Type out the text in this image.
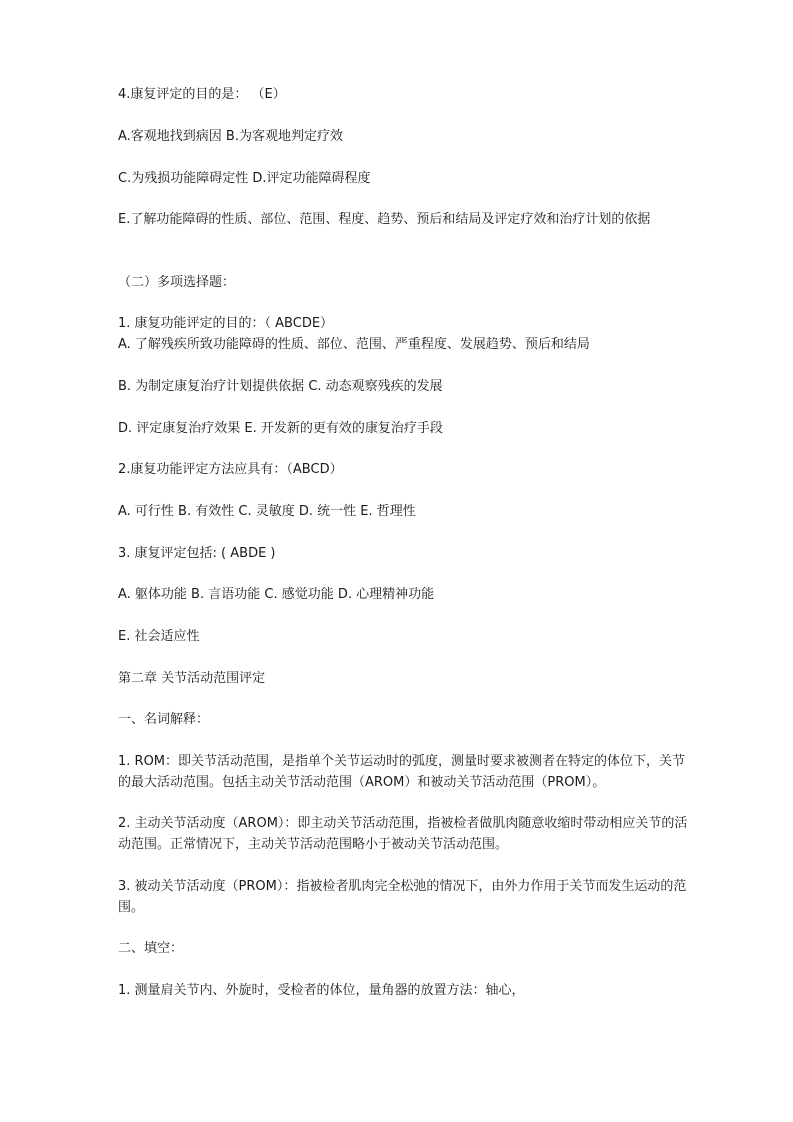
4.康复评定的目的是： （E）
A.客观地找到病因 B.为客观地判定疗效
C.为残损功能障碍定性 D.评定功能障碍程度
E.了解功能障碍的性质、部位、范围、程度、趋势、预后和结局及评定疗效和治疗计划的依据
（二）多项选择题：
1. 康复功能评定的目的：（ ABCDE）
A. 了解残疾所致功能障碍的性质、部位、范围、严重程度、发展趋势、预后和结局
B. 为制定康复治疗计划提供依据 C. 动态观察残疾的发展
D. 评定康复治疗效果 E. 开发新的更有效的康复治疗手段
2.康复功能评定方法应具有：（ABCD）
A. 可行性 B. 有效性 C. 灵敏度 D. 统一性 E. 哲理性
3. 康复评定包括: ( ABDE )
A. 躯体功能 B. 言语功能 C. 感觉功能 D. 心理精神功能
E. 社会适应性
第二章 关节活动范围评定
一、名词解释：
1. ROM：即关节活动范围，是指单个关节运动时的弧度，测量时要求被测者在特定的体位下，关节的最大活动范围。包括主动关节活动范围（AROM）和被动关节活动范围（PROM）。
2. 主动关节活动度（AROM）：即主动关节活动范围，指被检者做肌肉随意收缩时带动相应关节的活动范围。正常情况下，主动关节活动范围略小于被动关节活动范围。
3. 被动关节活动度（PROM）：指被检者肌肉完全松弛的情况下，由外力作用于关节而发生运动的范围。
二、填空：
1. 测量肩关节内、外旋时，受检者的体位，量角器的放置方法：轴心，
